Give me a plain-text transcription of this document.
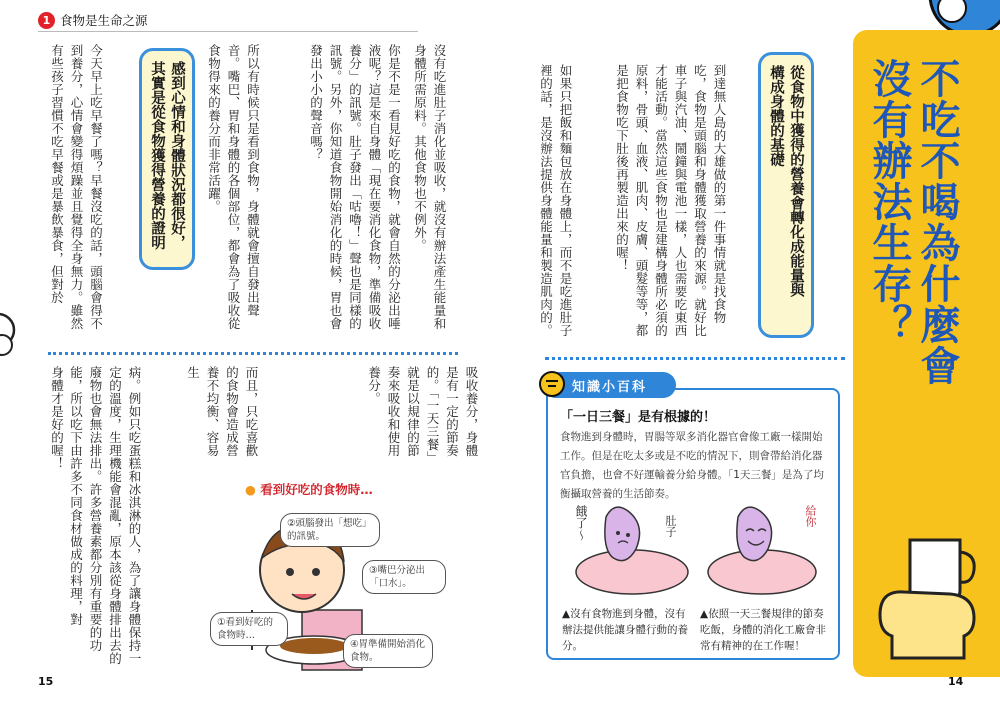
1 食物是生命之源
不吃不喝為什麼會
沒有辦法生存？
從食物中獲得的營養會轉化成能量與
構成身體的基礎
到達無人島的大雄做的第一件事情就是找食物吃，食物是頭腦和身體獲取營養的來源。就好比車子與汽油、鬧鐘與電池一樣，人也需要吃東西才能活動。當然這些食物也是建構身體所必須的原料，骨頭、血液、肌肉、皮膚、頭髮等等，都是把食物吃下肚後再製造出來的喔！
如果只把飯和麵包放在身體上，而不是吃進肚子裡的話，是沒辦法提供身體能量和製造肌肉的。
知識小百科
「一日三餐」是有根據的！
食物進到身體時，胃腸等眾多消化器官會像工廠一樣開始工作。但是在吃太多或是不吃的情況下，則會帶給消化器官負擔，也會不好運輸養分給身體。「1天三餐」是為了均衡攝取營養的生活節奏。
餓了～	肚子	給你
▲沒有食物進到身體，沒有辦法提供能讓身體行動的養分。
▲依照一天三餐規律的節奏吃飯，身體的消化工廠會非常有精神的在工作喔！
14
沒有吃進肚子消化並吸收，就沒有辦法產生能量和身體所需原料。其他食物也不例外。
你是不是一看見好吃的食物，就會自然的分泌出唾液呢？這是來自身體「現在要消化食物，準備吸收養分」的訊號。肚子發出「咕嚕！」聲也是同樣的訊號。另外，你知道食物開始消化的時候，胃也會發出小小的聲音嗎？
所以有時候只是看到食物，身體就會擅自發出聲音。嘴巴、胃和身體的各個部位，都會為了吸收從食物得來的養分而非常活躍。
感到心情和身體狀況都很好，
其實是從食物獲得營養的證明
今天早上吃早餐了嗎？早餐沒吃的話，頭腦會得不到養分，心情會變得煩躁並且覺得全身無力。雖然有些孩子習慣不吃早餐或是暴飲暴食，但對於
吸收養分，身體是有一定的節奏的。「一天三餐」就是以規律的節奏來吸收和使用養分。
而且，只吃喜歡的食物會造成營養不均衡、容易生
病。例如只吃蛋糕和冰淇淋的人，為了讓身體保持一定的溫度，生理機能會混亂，原本該從身體排出去的廢物也會無法排出。許多營養素都分別有重要的功能，所以吃下由許多不同食材做成的料理，對
身體才是好的喔！
● 看到好吃的食物時…
②頭腦發出「想吃」的訊號。
③嘴巴分泌出「口水」。
①看到好吃的食物時…
④胃準備開始消化食物。
15
